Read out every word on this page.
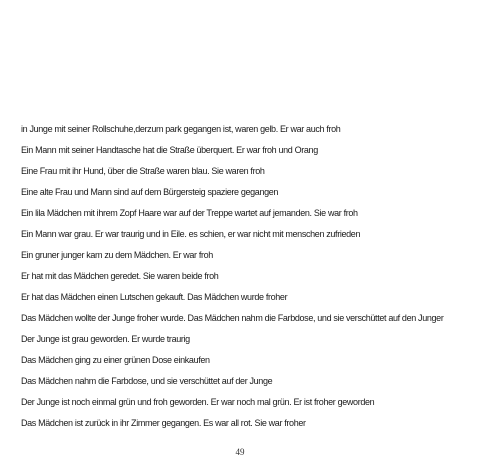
in Junge mit seiner Rollschuhe,derzum park gegangen ist, waren gelb. Er war auch froh
Ein Mann mit seiner Handtasche hat die Straße überquert. Er war froh und Orang
Eine Frau mit ihr Hund, über die Straße waren blau. Sie waren froh
Eine alte Frau und Mann sind auf dem Bürgersteig spaziere gegangen
Ein lila Mädchen mit ihrem Zopf Haare war auf der Treppe wartet auf jemanden. Sie war froh
Ein Mann war grau. Er war traurig und in Eile. es schien, er war nicht mit menschen zufrieden
Ein gruner junger kam zu dem Mädchen. Er war froh
Er hat mit das Mädchen geredet. Sie waren beide froh
Er hat das Mädchen einen Lutschen gekauft. Das Mädchen wurde froher
Das Mädchen wollte der Junge froher wurde. Das Mädchen nahm die Farbdose, und sie verschüttet auf den Junger
Der Junge ist grau geworden. Er wurde traurig
Das Mädchen ging zu einer grünen Dose einkaufen
Das Mädchen nahm die Farbdose, und sie verschüttet auf der Junge
Der Junge ist noch einmal grün und froh geworden. Er war noch mal grün. Er ist froher geworden
Das Mädchen ist zurück in ihr Zimmer gegangen. Es war all rot. Sie war froher
49
